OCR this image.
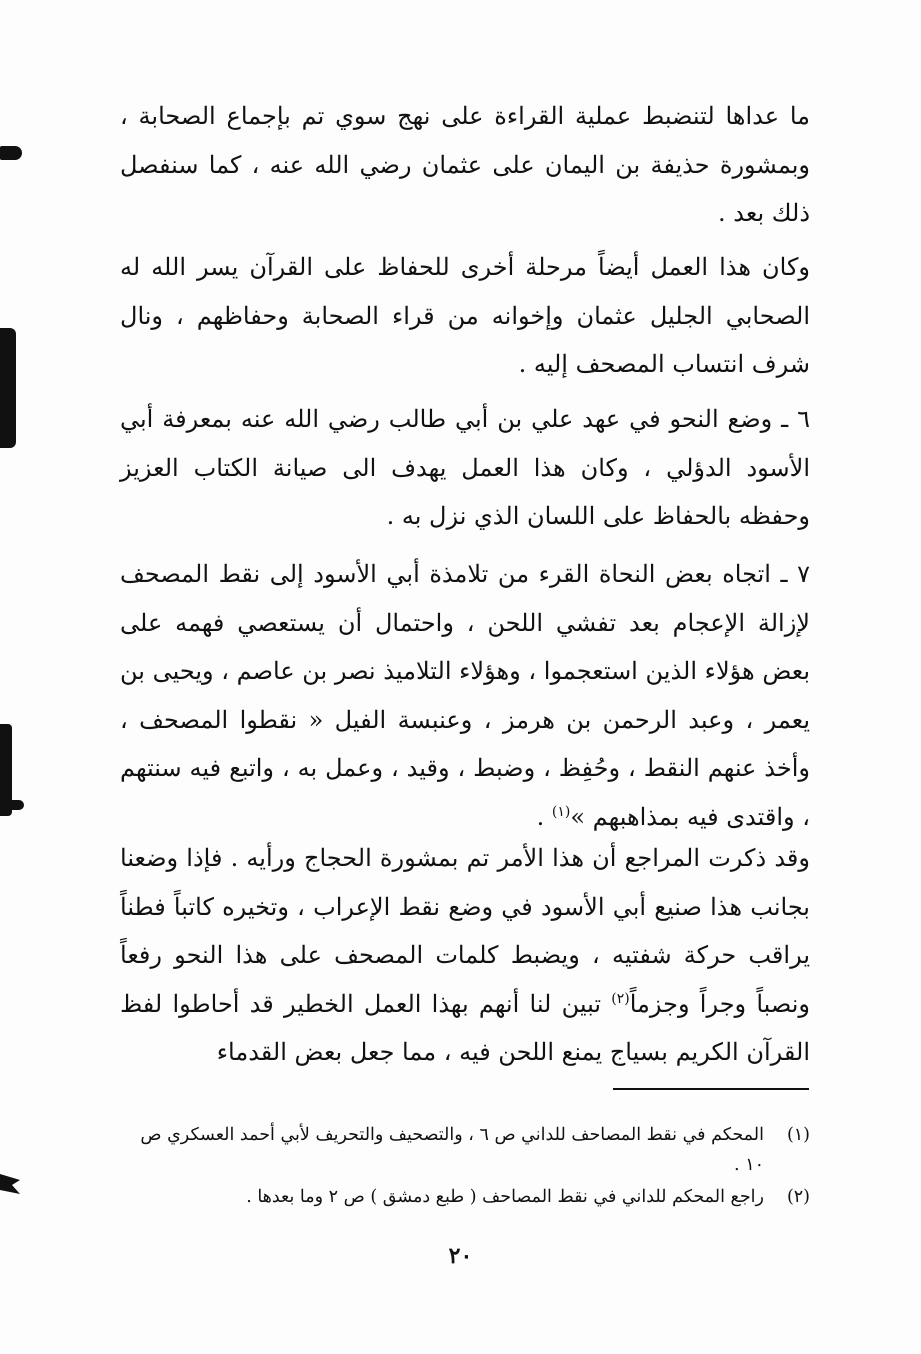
ما عداها لتنضبط عملية القراءة على نهج سوي تم بإجماع الصحابة ، وبمشورة حذيفة بن اليمان على عثمان رضي الله عنه ، كما سنفصل ذلك بعد .

وكان هذا العمل أيضاً مرحلة أخرى للحفاظ على القرآن يسر الله له الصحابي الجليل عثمان وإخوانه من قراء الصحابة وحفاظهم ، ونال شرف انتساب المصحف إليه .

٦ ـ وضع النحو في عهد علي بن أبي طالب رضي الله عنه بمعرفة أبي الأسود الدؤلي ، وكان هذا العمل يهدف الى صيانة الكتاب العزيز وحفظه بالحفاظ على اللسان الذي نزل به .

٧ ـ اتجاه بعض النحاة القرء من تلامذة أبي الأسود إلى نقط المصحف لإزالة الإعجام بعد تفشي اللحن ، واحتمال أن يستعصي فهمه على بعض هؤلاء الذين استعجموا ، وهؤلاء التلاميذ نصر بن عاصم ، ويحيى بن يعمر ، وعبد الرحمن بن هرمز ، وعنبسة الفيل « نقطوا المصحف ، وأخذ عنهم النقط ، وحُفِظ ، وضبط ، وقيد ، وعمل به ، واتبع فيه سنتهم ، واقتدى فيه بمذاهبهم »$^{(١)}$ .

وقد ذكرت المراجع أن هذا الأمر تم بمشورة الحجاج ورأيه . فإذا وضعنا بجانب هذا صنيع أبي الأسود في وضع نقط الإعراب ، وتخيره كاتباً فطناً يراقب حركة شفتيه ، ويضبط كلمات المصحف على هذا النحو رفعاً ونصباً وجراً وجزماً$^{(٢)}$ تبين لنا أنهم بهذا العمل الخطير قد أحاطوا لفظ القرآن الكريم بسياج يمنع اللحن فيه ، مما جعل بعض القدماء

(١)
المحكم في نقط المصاحف للداني ص ٦ ، والتصحيف والتحريف لأبي أحمد العسكري ص ١٠ .
(٢)
راجع المحكم للداني في نقط المصاحف ( طبع دمشق ) ص ٢ وما بعدها .
٢٠
